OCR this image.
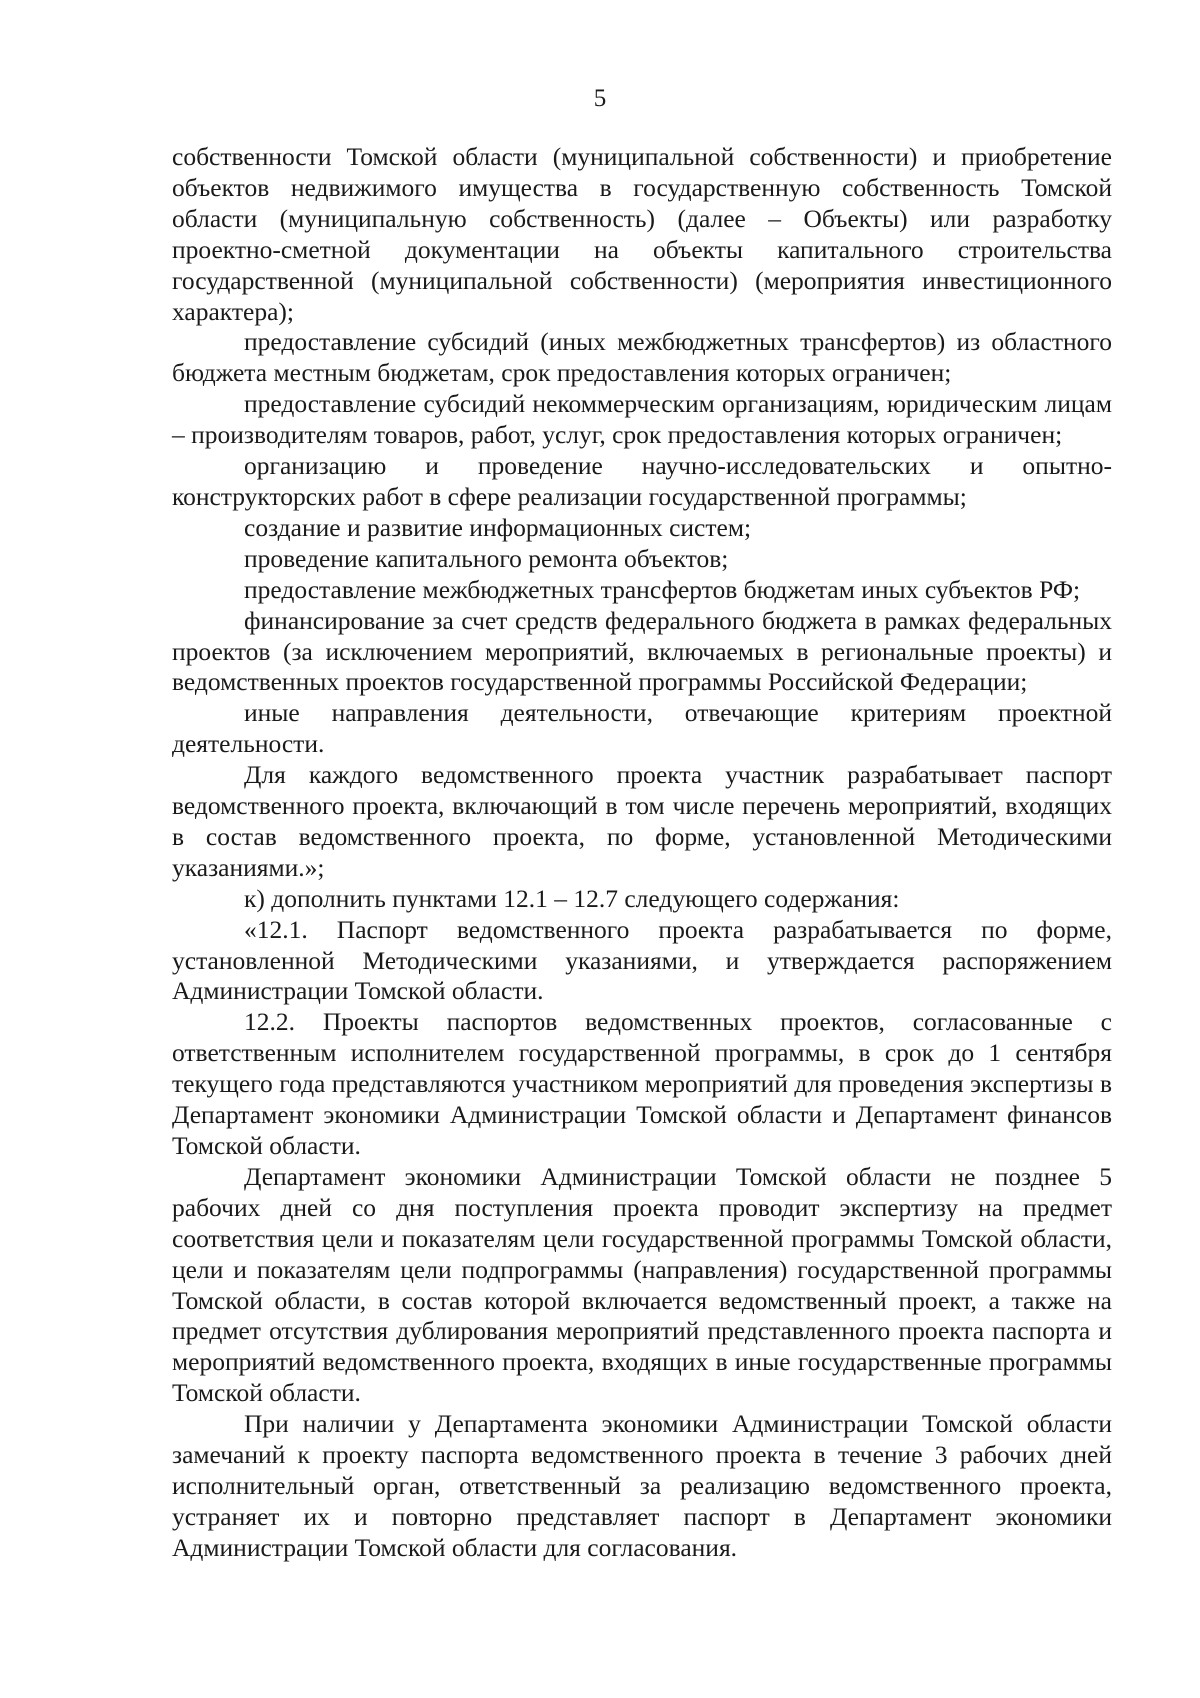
5

собственности Томской области (муниципальной собственности) и приобретение объектов недвижимого имущества в государственную собственность Томской области (муниципальную собственность) (далее – Объекты) или разработку проектно-сметной документации на объекты капитального строительства государственной (муниципальной собственности) (мероприятия инвестиционного характера);

предоставление субсидий (иных межбюджетных трансфертов) из областного бюджета местным бюджетам, срок предоставления которых ограничен;

предоставление субсидий некоммерческим организациям, юридическим лицам – производителям товаров, работ, услуг, срок предоставления которых ограничен;

организацию и проведение научно-исследовательских и опытно-конструкторских работ в сфере реализации государственной программы;

создание и развитие информационных систем;

проведение капитального ремонта объектов;

предоставление межбюджетных трансфертов бюджетам иных субъектов РФ;

финансирование за счет средств федерального бюджета в рамках федеральных проектов (за исключением мероприятий, включаемых в региональные проекты) и ведомственных проектов государственной программы Российской Федерации;

иные направления деятельности, отвечающие критериям проектной деятельности.

Для каждого ведомственного проекта участник разрабатывает паспорт ведомственного проекта, включающий в том числе перечень мероприятий, входящих в состав ведомственного проекта, по форме, установленной Методическими указаниями.»;

к) дополнить пунктами 12.1 – 12.7 следующего содержания:

«12.1. Паспорт ведомственного проекта разрабатывается по форме, установленной Методическими указаниями, и утверждается распоряжением Администрации Томской области.

12.2. Проекты паспортов ведомственных проектов, согласованные с ответственным исполнителем государственной программы, в срок до 1 сентября текущего года представляются участником мероприятий для проведения экспертизы в Департамент экономики Администрации Томской области и Департамент финансов Томской области.

Департамент экономики Администрации Томской области не позднее 5 рабочих дней со дня поступления проекта проводит экспертизу на предмет соответствия цели и показателям цели государственной программы Томской области, цели и показателям цели подпрограммы (направления) государственной программы Томской области, в состав которой включается ведомственный проект, а также на предмет отсутствия дублирования мероприятий представленного проекта паспорта и мероприятий ведомственного проекта, входящих в иные государственные программы Томской области.

При наличии у Департамента экономики Администрации Томской области замечаний к проекту паспорта ведомственного проекта в течение 3 рабочих дней исполнительный орган, ответственный за реализацию ведомственного проекта, устраняет их и повторно представляет паспорт в Департамент экономики Администрации Томской области для согласования.
